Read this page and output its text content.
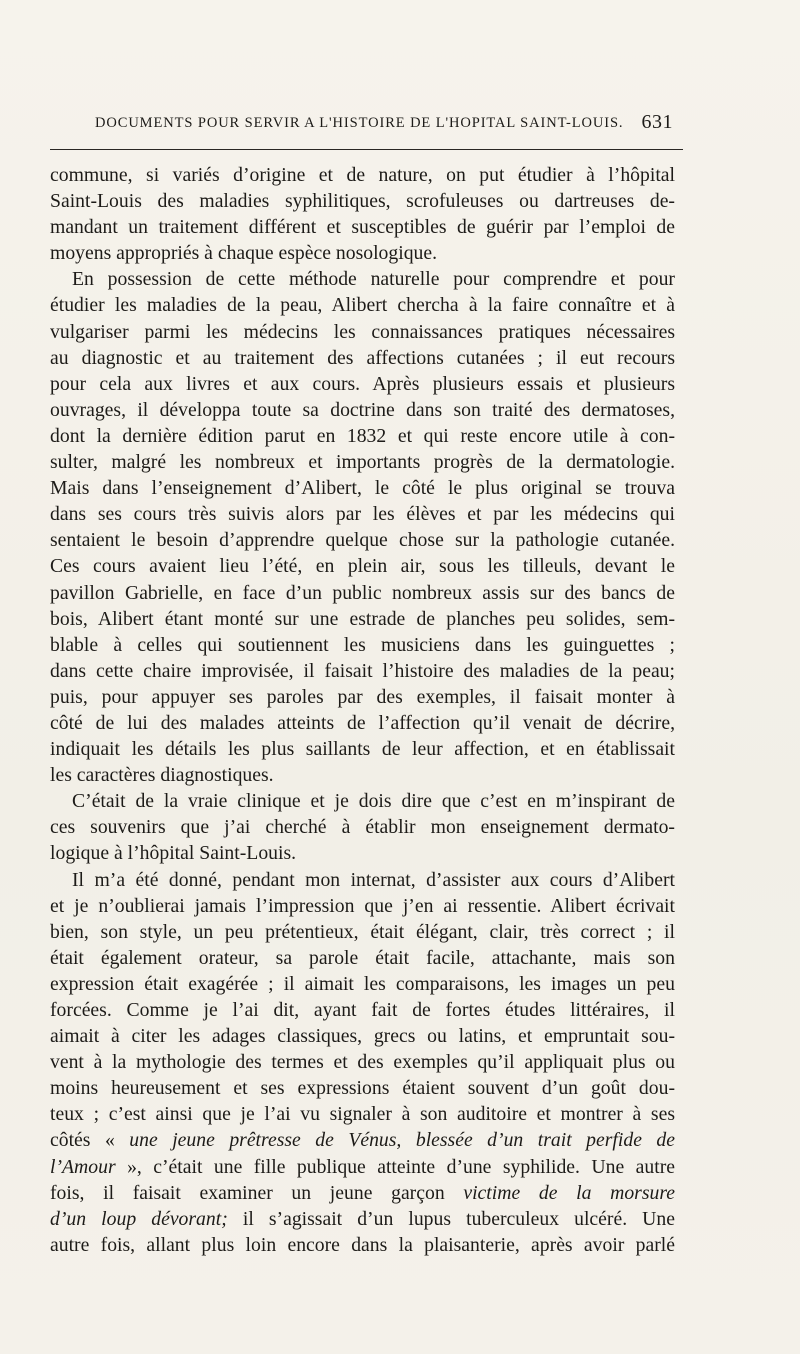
DOCUMENTS POUR SERVIR A L'HISTOIRE DE L'HOPITAL SAINT-LOUIS. 631
commune, si variés d’origine et de nature, on put étudier à l’hôpital
Saint-Louis des maladies syphilitiques, scrofuleuses ou dartreuses de-
mandant un traitement différent et susceptibles de guérir par l’emploi de
moyens appropriés à chaque espèce nosologique.
En possession de cette méthode naturelle pour comprendre et pour
étudier les maladies de la peau, Alibert chercha à la faire connaître et à
vulgariser parmi les médecins les connaissances pratiques nécessaires
au diagnostic et au traitement des affections cutanées ; il eut recours
pour cela aux livres et aux cours. Après plusieurs essais et plusieurs
ouvrages, il développa toute sa doctrine dans son traité des dermatoses,
dont la dernière édition parut en 1832 et qui reste encore utile à con-
sulter, malgré les nombreux et importants progrès de la dermatologie.
Mais dans l’enseignement d’Alibert, le côté le plus original se trouva
dans ses cours très suivis alors par les élèves et par les médecins qui
sentaient le besoin d’apprendre quelque chose sur la pathologie cutanée.
Ces cours avaient lieu l’été, en plein air, sous les tilleuls, devant le
pavillon Gabrielle, en face d’un public nombreux assis sur des bancs de
bois, Alibert étant monté sur une estrade de planches peu solides, sem-
blable à celles qui soutiennent les musiciens dans les guinguettes ;
dans cette chaire improvisée, il faisait l’histoire des maladies de la peau;
puis, pour appuyer ses paroles par des exemples, il faisait monter à
côté de lui des malades atteints de l’affection qu’il venait de décrire,
indiquait les détails les plus saillants de leur affection, et en établissait
les caractères diagnostiques.
C’était de la vraie clinique et je dois dire que c’est en m’inspirant de
ces souvenirs que j’ai cherché à établir mon enseignement dermato-
logique à l’hôpital Saint-Louis.
Il m’a été donné, pendant mon internat, d’assister aux cours d’Alibert
et je n’oublierai jamais l’impression que j’en ai ressentie. Alibert écrivait
bien, son style, un peu prétentieux, était élégant, clair, très correct ; il
était également orateur, sa parole était facile, attachante, mais son
expression était exagérée ; il aimait les comparaisons, les images un peu
forcées. Comme je l’ai dit, ayant fait de fortes études littéraires, il
aimait à citer les adages classiques, grecs ou latins, et empruntait sou-
vent à la mythologie des termes et des exemples qu’il appliquait plus ou
moins heureusement et ses expressions étaient souvent d’un goût dou-
teux ; c’est ainsi que je l’ai vu signaler à son auditoire et montrer à ses
côtés « une jeune prêtresse de Vénus, blessée d’un trait perfide de
l’Amour », c’était une fille publique atteinte d’une syphilide. Une autre
fois, il faisait examiner un jeune garçon victime de la morsure
d’un loup dévorant; il s’agissait d’un lupus tuberculeux ulcéré. Une
autre fois, allant plus loin encore dans la plaisanterie, après avoir parlé
